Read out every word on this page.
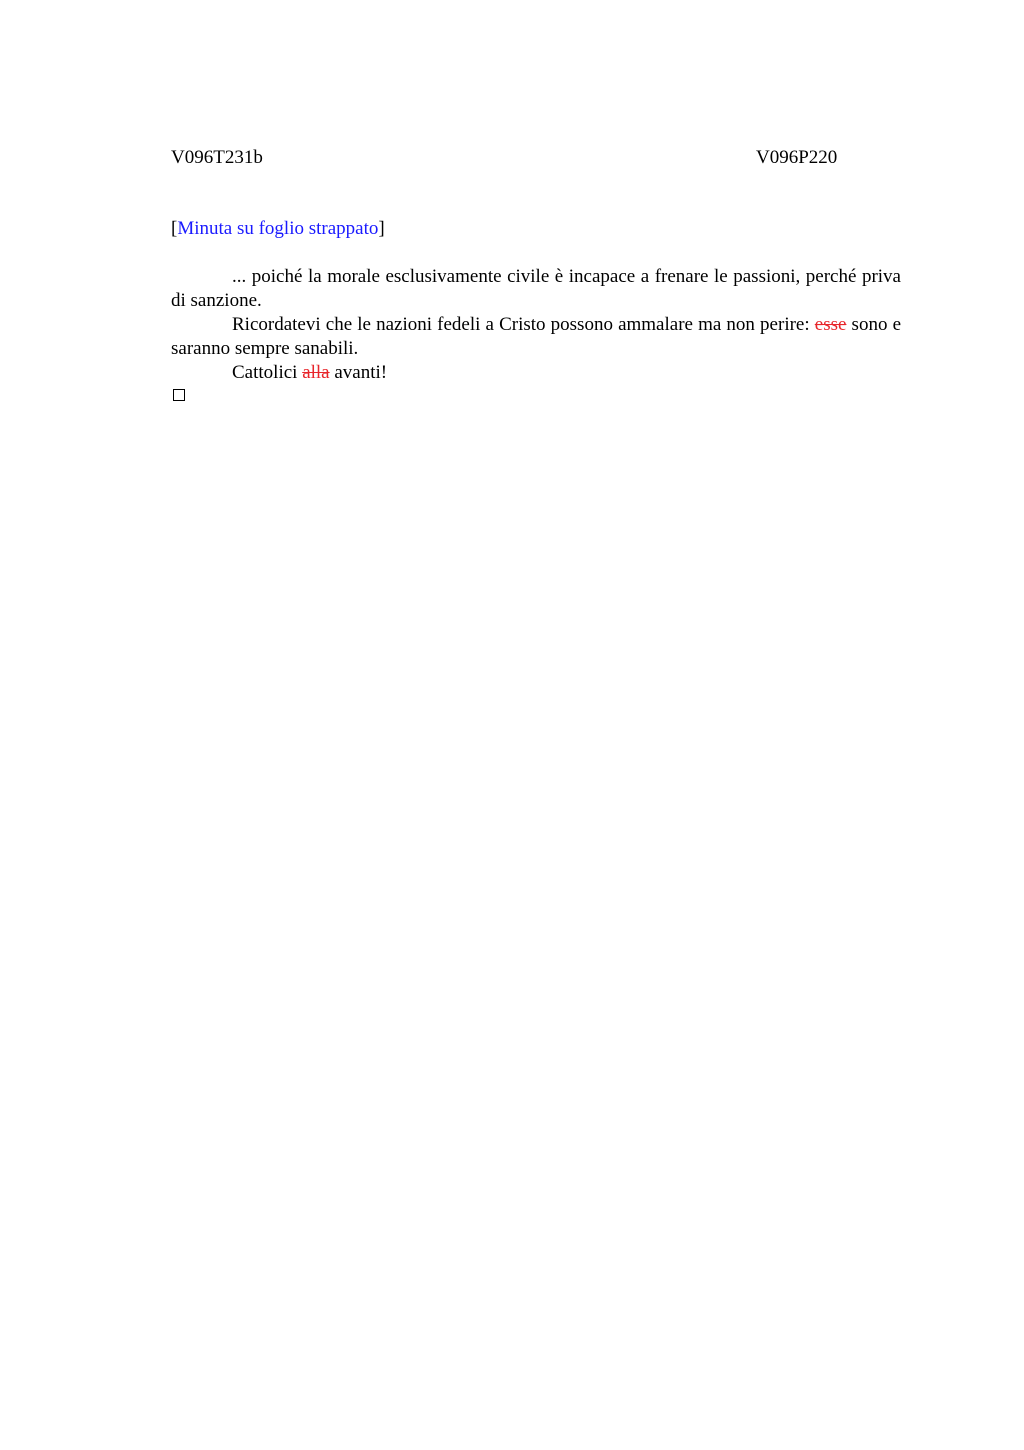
V096T231b	V096P220
[Minuta su foglio strappato]

... poiché la morale esclusivamente civile è incapace a frenare le passioni, perché priva di sanzione.

Ricordatevi che le nazioni fedeli a Cristo possono ammalare ma non perire: esse sono e saranno sempre sanabili.

Cattolici alla avanti!
